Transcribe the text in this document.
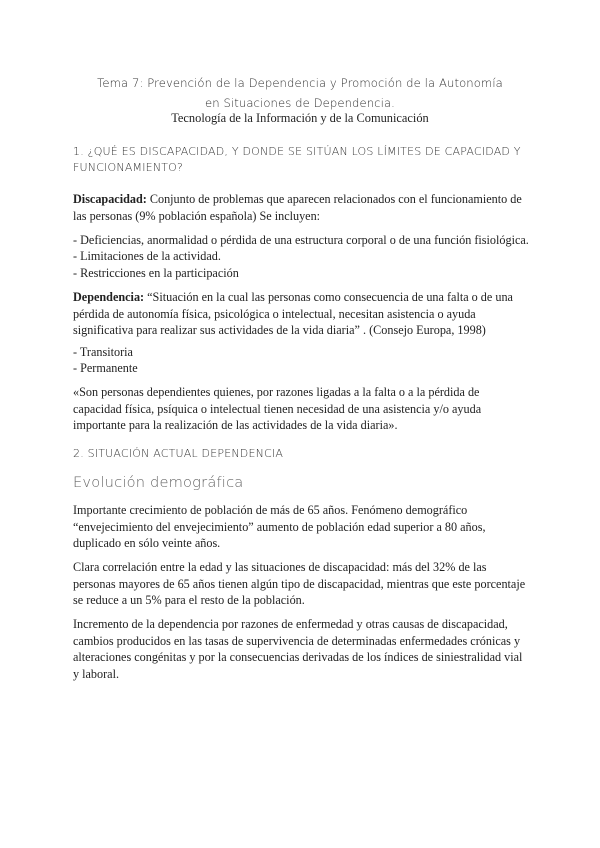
Tema 7: Prevención de la Dependencia y Promoción de la Autonomía en Situaciones de Dependencia.
Tecnología de la Información y de la Comunicación
1. ¿QUÉ ES DISCAPACIDAD, Y DONDE SE SITÚAN LOS LÍMITES DE CAPACIDAD Y FUNCIONAMIENTO?

Discapacidad: Conjunto de problemas que aparecen relacionados con el funcionamiento de las personas (9% población española) Se incluyen:

- Deficiencias, anormalidad o pérdida de una estructura corporal o de una función fisiológica.
- Limitaciones de la actividad.
- Restricciones en la participación

Dependencia: “Situación en la cual las personas como consecuencia de una falta o de una pérdida de autonomía física, psicológica o intelectual, necesitan asistencia o ayuda significativa para realizar sus actividades de la vida diaria” . (Consejo Europa, 1998)

- Transitoria
- Permanente

«Son personas dependientes quienes, por razones ligadas a la falta o a la pérdida de capacidad física, psíquica o intelectual tienen necesidad de una asistencia y/o ayuda importante para la realización de las actividades de la vida diaria».

2. SITUACIÓN ACTUAL DEPENDENCIA
Evolución demográfica

Importante crecimiento de población de más de 65 años. Fenómeno demográfico “envejecimiento del envejecimiento” aumento de población edad superior a 80 años, duplicado en sólo veinte años.

Clara correlación entre la edad y las situaciones de discapacidad: más del 32% de las personas mayores de 65 años tienen algún tipo de discapacidad, mientras que este porcentaje se reduce a un 5% para el resto de la población.

Incremento de la dependencia por razones de enfermedad y otras causas de discapacidad, cambios producidos en las tasas de supervivencia de determinadas enfermedades crónicas y alteraciones congénitas y por la consecuencias derivadas de los índices de siniestralidad vial y laboral.
